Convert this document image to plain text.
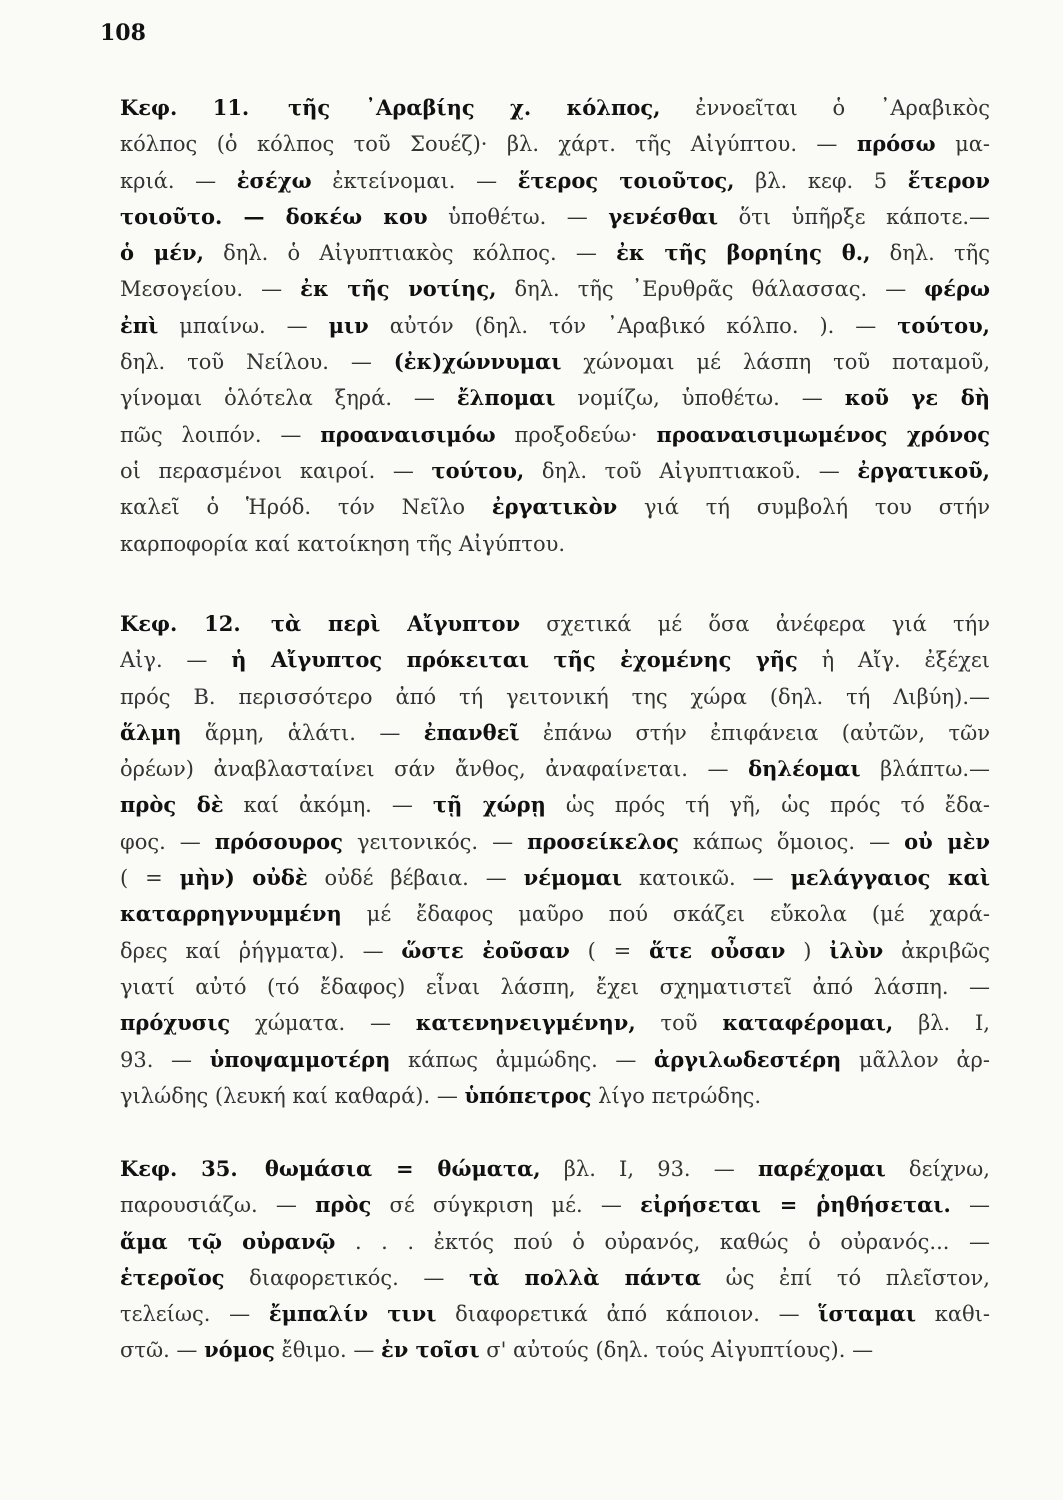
108
Κεφ. 11. τῆς ᾿Αραβίης χ. κόλπος, ἐννοεῖται ὁ ᾿Αραβικὸς
κόλπος (ὁ κόλπος τοῦ Σουέζ)· βλ. χάρτ. τῆς Αἰγύπτου. — πρόσω μα-
κριά. — ἐσέχω ἐκτείνομαι. — ἕτερος τοιοῦτος, βλ. κεφ. 5 ἕτερον
τοιοῦτο. — δοκέω κου ὑποθέτω. — γενέσθαι ὅτι ὑπῆρξε κάποτε.—
ὁ μέν, δηλ. ὁ Αἰγυπτιακὸς κόλπος. — ἐκ τῆς βορηίης θ., δηλ. τῆς
Μεσογείου. — ἐκ τῆς νοτίης, δηλ. τῆς ᾿Ερυθρᾶς θάλασσας. — φέρω
ἐπὶ μπαίνω. — μιν αὐτόν (δηλ. τόν ᾿Αραβικό κόλπο. ). — τούτου,
δηλ. τοῦ Νείλου. — (ἐκ)χώννυμαι χώνομαι μέ λάσπη τοῦ ποταμοῦ,
γίνομαι ὁλότελα ξηρά. — ἔλπομαι νομίζω, ὑποθέτω. — κοῦ γε δὴ
πῶς λοιπόν. — προαναισιμόω προξοδεύω· προαναισιμωμένος χρόνος
οἱ περασμένοι καιροί. — τούτου, δηλ. τοῦ Αἰγυπτιακοῦ. — ἐργατικοῦ,
καλεῖ ὁ Ἡρόδ. τόν Νεῖλο ἐργατικὸν γιά τή συμβολή του στήν
καρποφορία καί κατοίκηση τῆς Αἰγύπτου.
Κεφ. 12. τὰ περὶ Αἴγυπτον σχετικά μέ ὅσα ἀνέφερα γιά τήν
Αἰγ. — ἡ Αἴγυπτος πρόκειται τῆς ἐχομένης γῆς ἡ Αἴγ. ἐξέχει
πρός Β. περισσότερο ἀπό τή γειτονική της χώρα (δηλ. τή Λιβύη).—
ἅλμη ἅρμη, ἁλάτι. — ἐπανθεῖ ἐπάνω στήν ἐπιφάνεια (αὐτῶν, τῶν
ὀρέων) ἀναβλασταίνει σάν ἄνθος, ἀναφαίνεται. — δηλέομαι βλάπτω.—
πρὸς δὲ καί ἀκόμη. — τῇ χώρῃ ὡς πρός τή γῆ, ὡς πρός τό ἔδα-
φος. — πρόσουρος γειτονικός. — προσείκελος κάπως ὅμοιος. — οὐ μὲν
( = μὴν) οὐδὲ οὐδέ βέβαια. — νέμομαι κατοικῶ. — μελάγγαιος καὶ
καταρρηγνυμμένη μέ ἔδαφος μαῦρο πού σκάζει εὔκολα (μέ χαρά-
δρες καί ῥήγματα). — ὥστε ἐοῦσαν ( = ἅτε οὖσαν ) ἰλὺν ἀκριβῶς
γιατί αὐτό (τό ἔδαφος) εἶναι λάσπη, ἔχει σχηματιστεῖ ἀπό λάσπη. —
πρόχυσις χώματα. — κατενηνειγμένην, τοῦ καταφέρομαι, βλ. I,
93. — ὑποψαμμοτέρη κάπως ἀμμώδης. — ἀργιλωδεστέρη μᾶλλον ἀρ-
γιλώδης (λευκή καί καθαρά). — ὑπόπετρος λίγο πετρώδης.
Κεφ. 35. θωμάσια = θώματα, βλ. I, 93. — παρέχομαι δείχνω,
παρουσιάζω. — πρὸς σέ σύγκριση μέ. — εἰρήσεται = ῥηθήσεται. —
ἅμα τῷ οὐρανῷ . . . ἐκτός πού ὁ οὐρανός, καθώς ὁ οὐρανός... —
ἑτεροῖος διαφορετικός. — τὰ πολλὰ πάντα ὡς ἐπί τό πλεῖστον,
τελείως. — ἔμπαλίν τινι διαφορετικά ἀπό κάποιον. — ἵσταμαι καθι-
στῶ. — νόμος ἔθιμο. — ἐν τοῖσι σ' αὐτούς (δηλ. τούς Αἰγυπτίους). —
